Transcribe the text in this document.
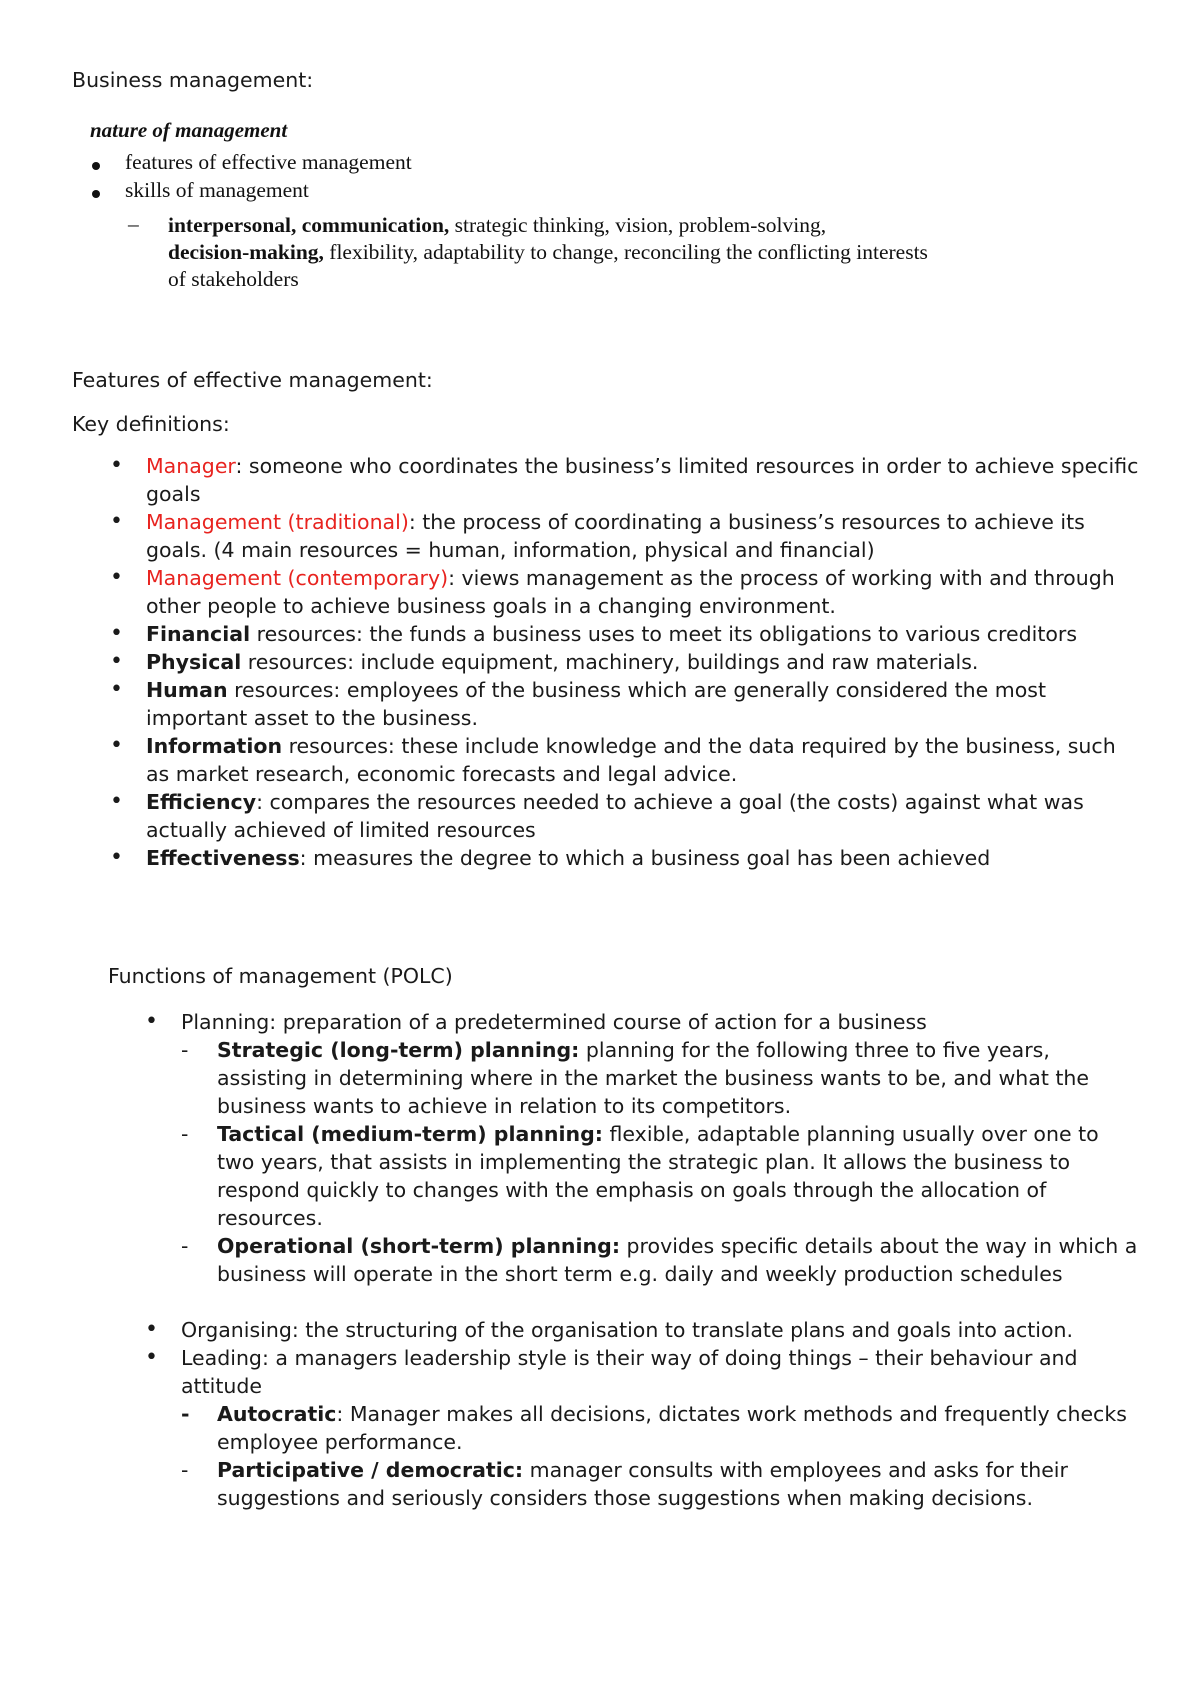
Business management:
nature of management
features of effective management
skills of management
– interpersonal, communication, strategic thinking, vision, problem-solving,
decision-making, flexibility, adaptability to change, reconciling the conflicting interests of stakeholders
Features of effective management:
Key definitions:
• Manager: someone who coordinates the business’s limited resources in order to achieve specific goals
• Management (traditional): the process of coordinating a business’s resources to achieve its goals. (4 main resources = human, information, physical and financial)
• Management (contemporary): views management as the process of working with and through other people to achieve business goals in a changing environment.
• Financial resources: the funds a business uses to meet its obligations to various creditors
• Physical resources: include equipment, machinery, buildings and raw materials.
• Human resources: employees of the business which are generally considered the most important asset to the business.
• Information resources: these include knowledge and the data required by the business, such as market research, economic forecasts and legal advice.
• Efficiency: compares the resources needed to achieve a goal (the costs) against what was actually achieved of limited resources
• Effectiveness: measures the degree to which a business goal has been achieved
Functions of management (POLC)
• Planning: preparation of a predetermined course of action for a business
- Strategic (long-term) planning: planning for the following three to five years, assisting in determining where in the market the business wants to be, and what the business wants to achieve in relation to its competitors.
- Tactical (medium-term) planning: flexible, adaptable planning usually over one to two years, that assists in implementing the strategic plan. It allows the business to respond quickly to changes with the emphasis on goals through the allocation of resources.
- Operational (short-term) planning: provides specific details about the way in which a business will operate in the short term e.g. daily and weekly production schedules
• Organising: the structuring of the organisation to translate plans and goals into action.
• Leading: a managers leadership style is their way of doing things – their behaviour and attitude
- Autocratic: Manager makes all decisions, dictates work methods and frequently checks employee performance.
- Participative / democratic: manager consults with employees and asks for their suggestions and seriously considers those suggestions when making decisions.
